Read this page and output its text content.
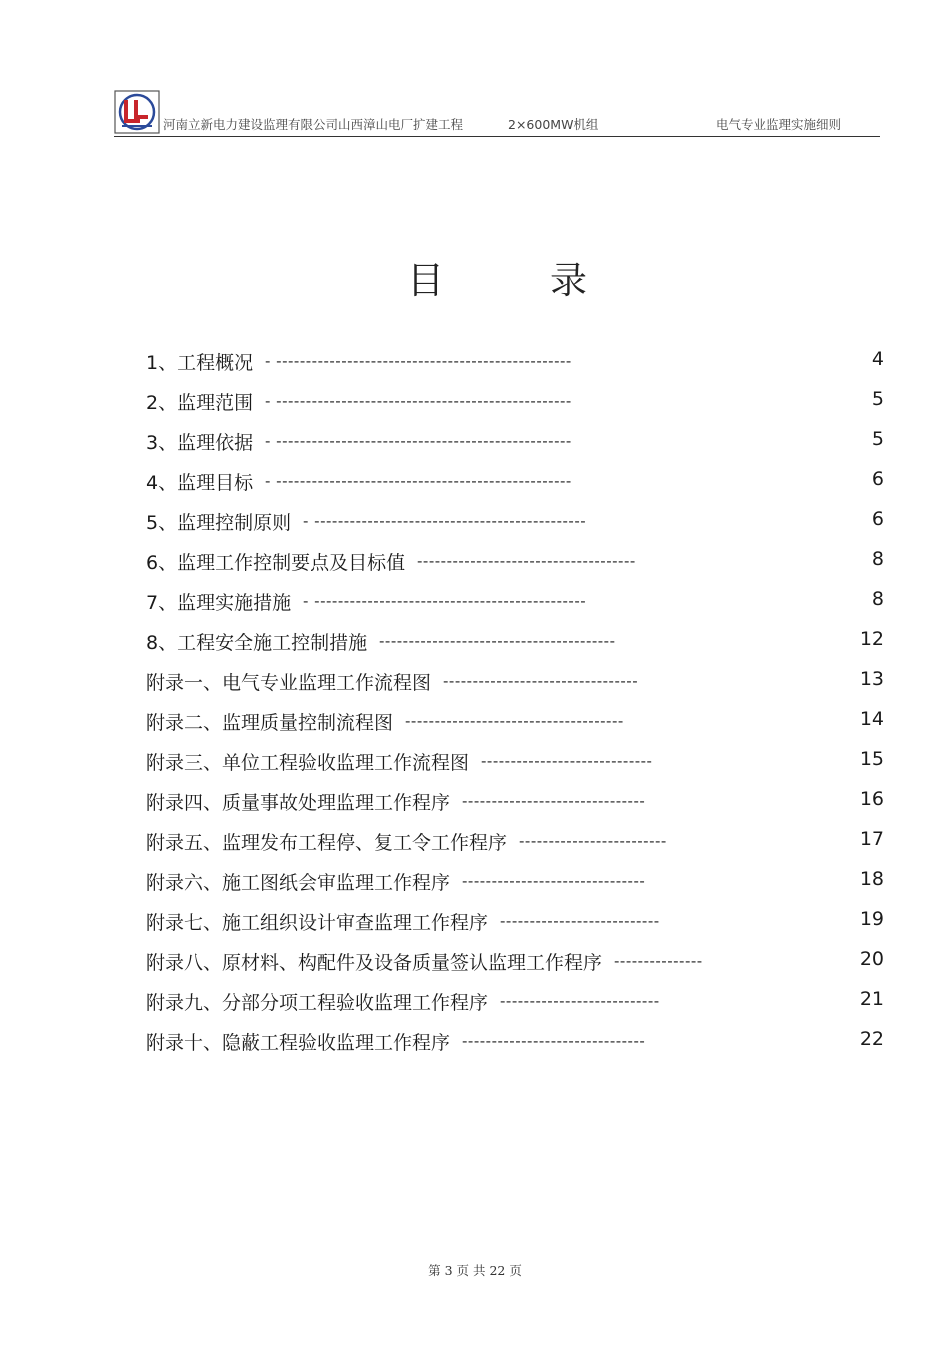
河南立新电力建设监理有限公司山西漳山电厂扩建工程	2×600MW机组	电气专业监理实施细则
目	录
1、工程概况 - --------------------------------------------------	4
2、监理范围 - --------------------------------------------------	5
3、监理依据 - --------------------------------------------------	5
4、监理目标 - --------------------------------------------------	6
5、监理控制原则 - ----------------------------------------------	6
6、监理工作控制要点及目标值 -------------------------------------	8
7、监理实施措施 - ----------------------------------------------	8
8、工程安全施工控制措施 ----------------------------------------	12
附录一、电气专业监理工作流程图 ---------------------------------	13
附录二、监理质量控制流程图 -------------------------------------	14
附录三、单位工程验收监理工作流程图 -----------------------------	15
附录四、质量事故处理监理工作程序 -------------------------------	16
附录五、监理发布工程停、复工令工作程序 -------------------------	17
附录六、施工图纸会审监理工作程序 -------------------------------	18
附录七、施工组织设计审查监理工作程序 ---------------------------	19
附录八、原材料、构配件及设备质量签认监理工作程序 ---------------	20
附录九、分部分项工程验收监理工作程序 ---------------------------	21
附录十、隐蔽工程验收监理工作程序 -------------------------------	22
第 3 页 共 22 页
